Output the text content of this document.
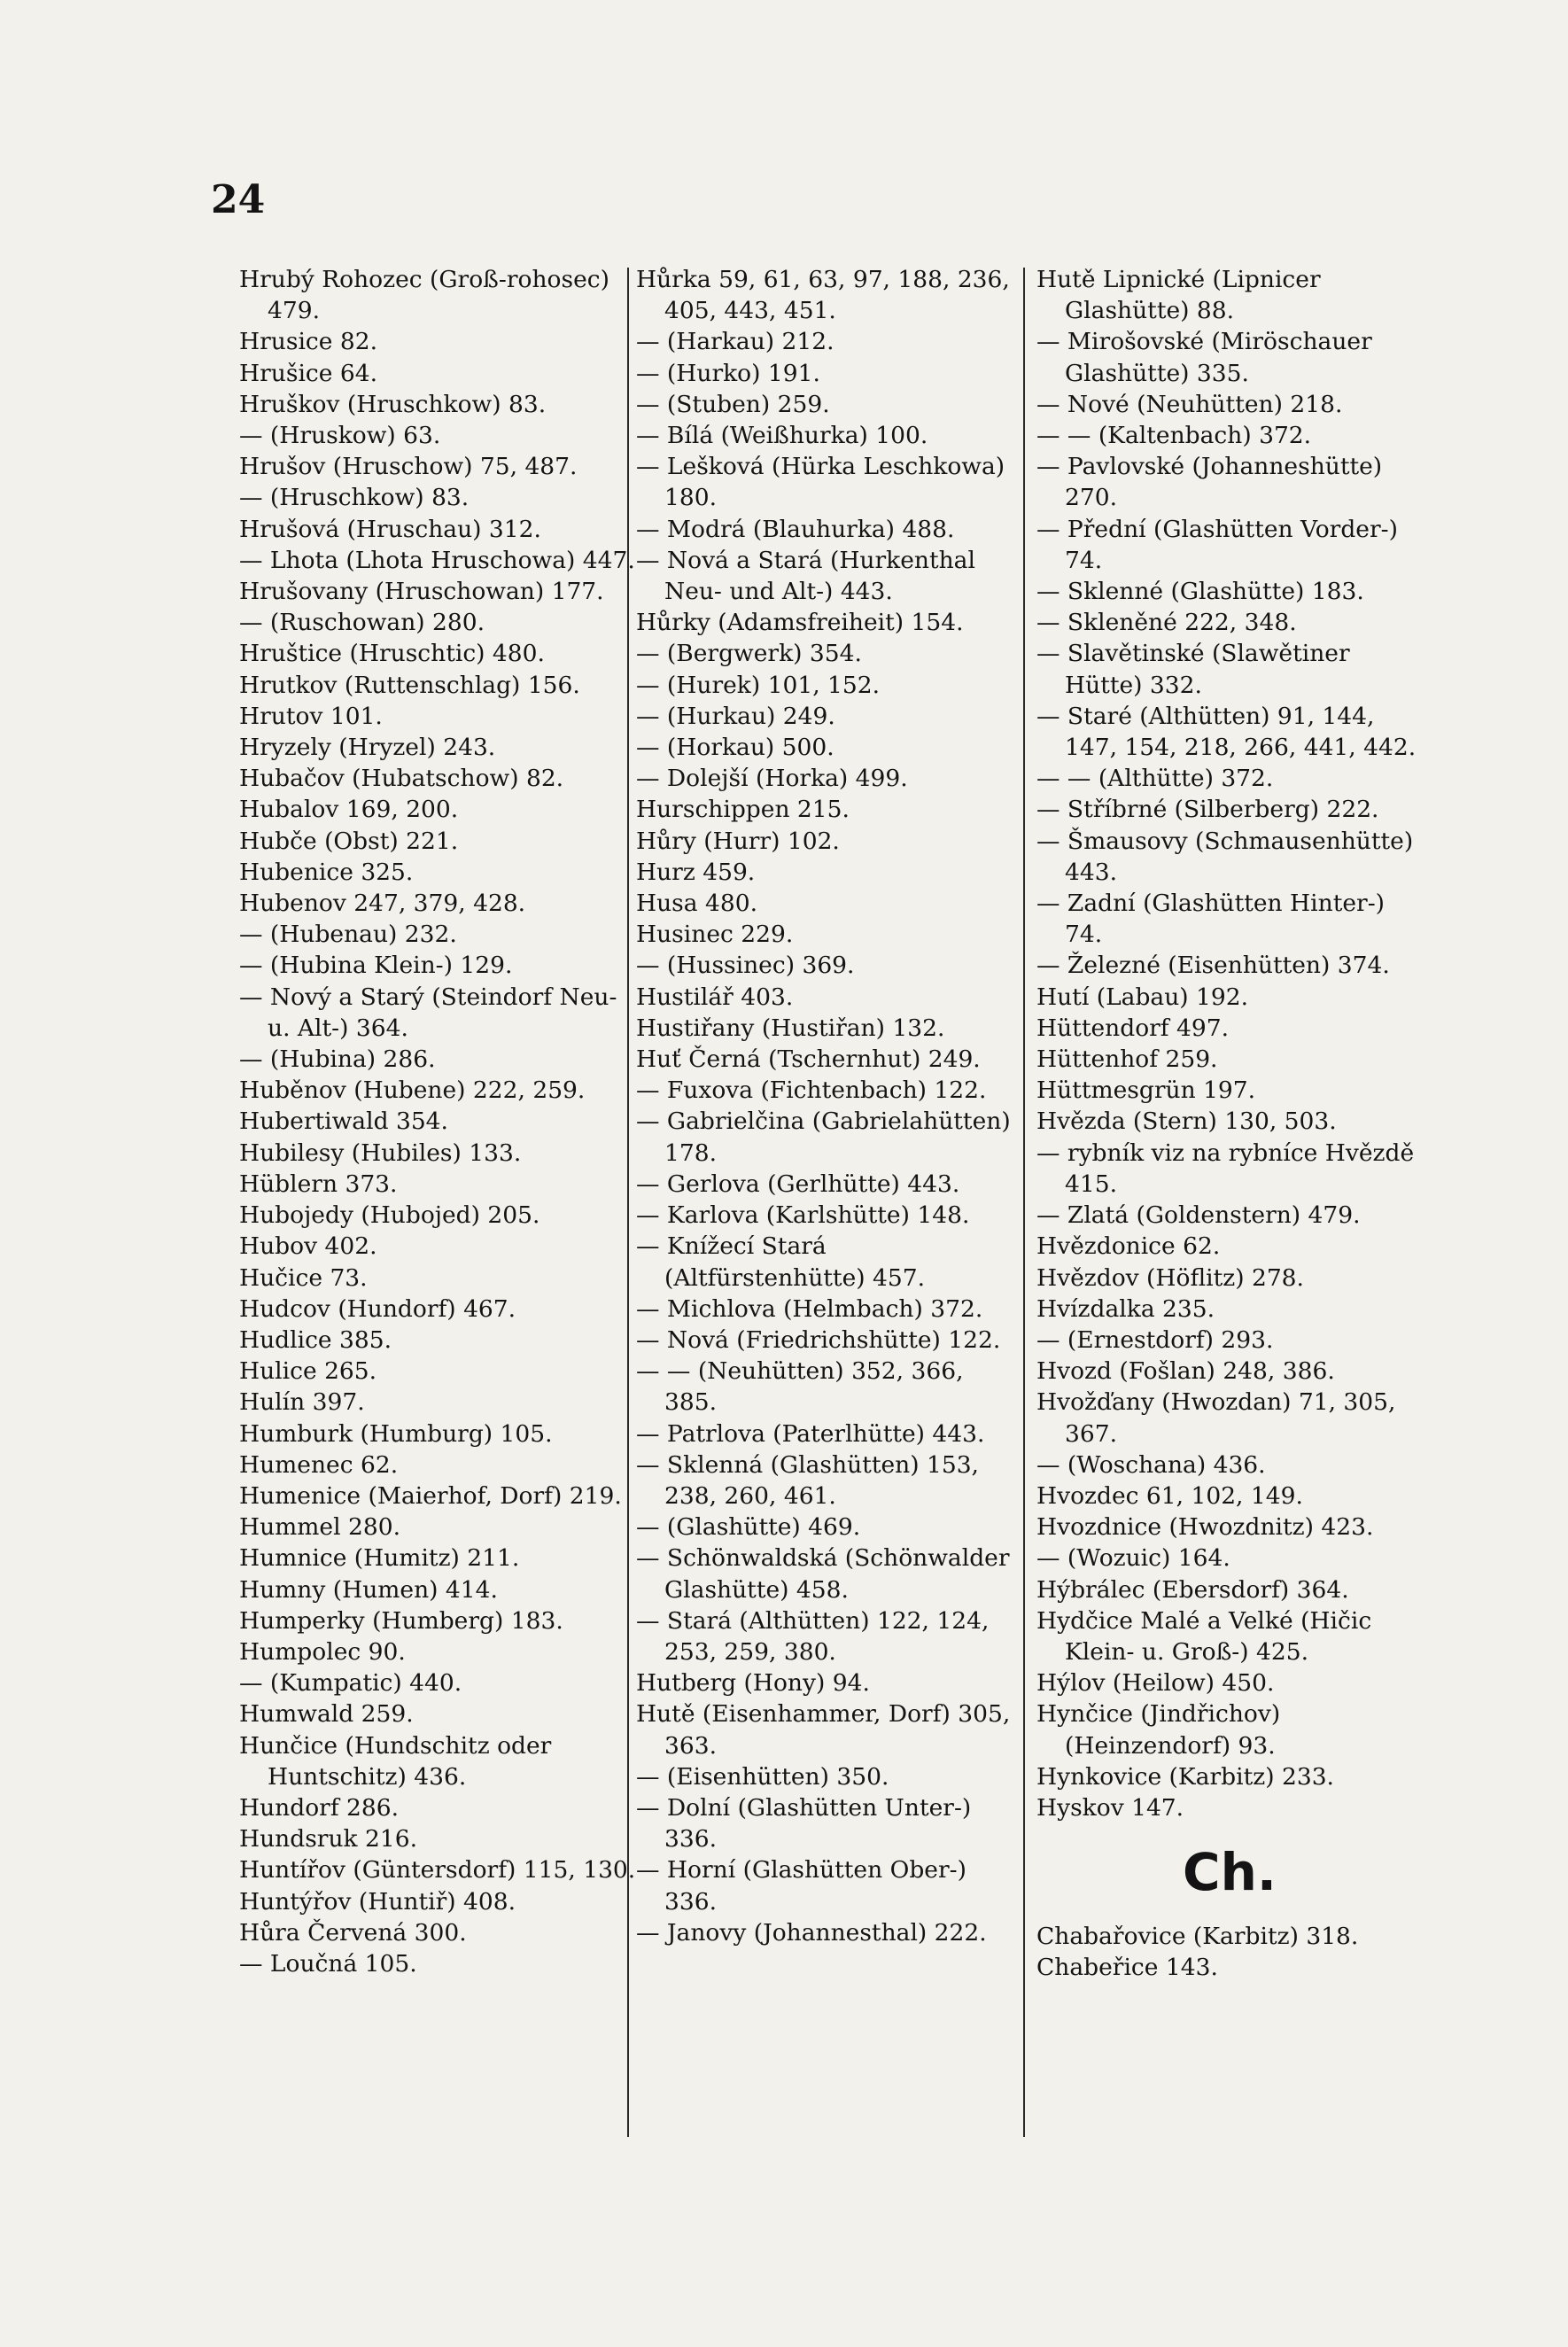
24
Hrubý Rohozec (Groß-rohosec) 479.
Hrusice 82.
Hrušice 64.
Hruškov (Hruschkow) 83.
— (Hruskow) 63.
Hrušov (Hruschow) 75, 487.
— (Hruschkow) 83.
Hrušová (Hruschau) 312.
— Lhota (Lhota Hruschowa) 447.
Hrušovany (Hruschowan) 177.
— (Ruschowan) 280.
Hruštice (Hruschtic) 480.
Hrutkov (Ruttenschlag) 156.
Hrutov 101.
Hryzely (Hryzel) 243.
Hubačov (Hubatschow) 82.
Hubalov 169, 200.
Hubče (Obst) 221.
Hubenice 325.
Hubenov 247, 379, 428.
— (Hubenau) 232.
— (Hubina Klein-) 129.
— Nový a Starý (Steindorf Neu- u. Alt-) 364.
— (Hubina) 286.
Huběnov (Hubene) 222, 259.
Hubertiwald 354.
Hubilesy (Hubiles) 133.
Hüblern 373.
Hubojedy (Hubojed) 205.
Hubov 402.
Hučice 73.
Hudcov (Hundorf) 467.
Hudlice 385.
Hulice 265.
Hulín 397.
Humburk (Humburg) 105.
Humenec 62.
Humenice (Maierhof, Dorf) 219.
Hummel 280.
Humnice (Humitz) 211.
Humny (Humen) 414.
Humperky (Humberg) 183.
Humpolec 90.
— (Kumpatic) 440.
Humwald 259.
Hunčice (Hundschitz oder Huntschitz) 436.
Hundorf 286.
Hundsruk 216.
Huntířov (Güntersdorf) 115, 130.
Huntýřov (Huntiř) 408.
Hůra Červená 300.
— Loučná 105.
Hůrka 59, 61, 63, 97, 188, 236, 405, 443, 451.
— (Harkau) 212.
— (Hurko) 191.
— (Stuben) 259.
— Bílá (Weißhurka) 100.
— Lešková (Hürka Leschkowa) 180.
— Modrá (Blauhurka) 488.
— Nová a Stará (Hurkenthal Neu- und Alt-) 443.
Hůrky (Adamsfreiheit) 154.
— (Bergwerk) 354.
— (Hurek) 101, 152.
— (Hurkau) 249.
— (Horkau) 500.
— Dolejší (Horka) 499.
Hurschippen 215.
Hůry (Hurr) 102.
Hurz 459.
Husa 480.
Husinec 229.
— (Hussinec) 369.
Hustilář 403.
Hustiřany (Hustiřan) 132.
Huť Černá (Tschernhut) 249.
— Fuxova (Fichtenbach) 122.
— Gabrielčina (Gabrielahütten) 178.
— Gerlova (Gerlhütte) 443.
— Karlova (Karlshütte) 148.
— Knížecí Stará (Altfürstenhütte) 457.
— Michlova (Helmbach) 372.
— Nová (Friedrichshütte) 122.
— — (Neuhütten) 352, 366, 385.
— Patrlova (Paterlhütte) 443.
— Sklenná (Glashütten) 153, 238, 260, 461.
— (Glashütte) 469.
— Schönwaldská (Schönwalder Glashütte) 458.
— Stará (Althütten) 122, 124, 253, 259, 380.
Hutberg (Hony) 94.
Hutě (Eisenhammer, Dorf) 305, 363.
— (Eisenhütten) 350.
— Dolní (Glashütten Unter-) 336.
— Horní (Glashütten Ober-) 336.
— Janovy (Johannesthal) 222.
Hutě Lipnické (Lipnicer Glashütte) 88.
— Mirošovské (Miröschauer Glashütte) 335.
— Nové (Neuhütten) 218.
— — (Kaltenbach) 372.
— Pavlovské (Johanneshütte) 270.
— Přední (Glashütten Vorder-) 74.
— Sklenné (Glashütte) 183.
— Skleněné 222, 348.
— Slavětinské (Slawětiner Hütte) 332.
— Staré (Althütten) 91, 144, 147, 154, 218, 266, 441, 442.
— — (Althütte) 372.
— Stříbrné (Silberberg) 222.
— Šmausovy (Schmausenhütte) 443.
— Zadní (Glashütten Hinter-) 74.
— Železné (Eisenhütten) 374.
Hutí (Labau) 192.
Hüttendorf 497.
Hüttenhof 259.
Hüttmesgrün 197.
Hvězda (Stern) 130, 503.
— rybník viz na rybníce Hvězdě 415.
— Zlatá (Goldenstern) 479.
Hvězdonice 62.
Hvězdov (Höflitz) 278.
Hvízdalka 235.
— (Ernestdorf) 293.
Hvozd (Fošlan) 248, 386.
Hvožďany (Hwozdan) 71, 305, 367.
— (Woschana) 436.
Hvozdec 61, 102, 149.
Hvozdnice (Hwozdnitz) 423.
— (Wozuic) 164.
Hýbrálec (Ebersdorf) 364.
Hydčice Malé a Velké (Hičic Klein- u. Groß-) 425.
Hýlov (Heilow) 450.
Hynčice (Jindřichov) (Heinzendorf) 93.
Hynkovice (Karbitz) 233.
Hyskov 147.
Ch.
Chabařovice (Karbitz) 318.
Chabeřice 143.
